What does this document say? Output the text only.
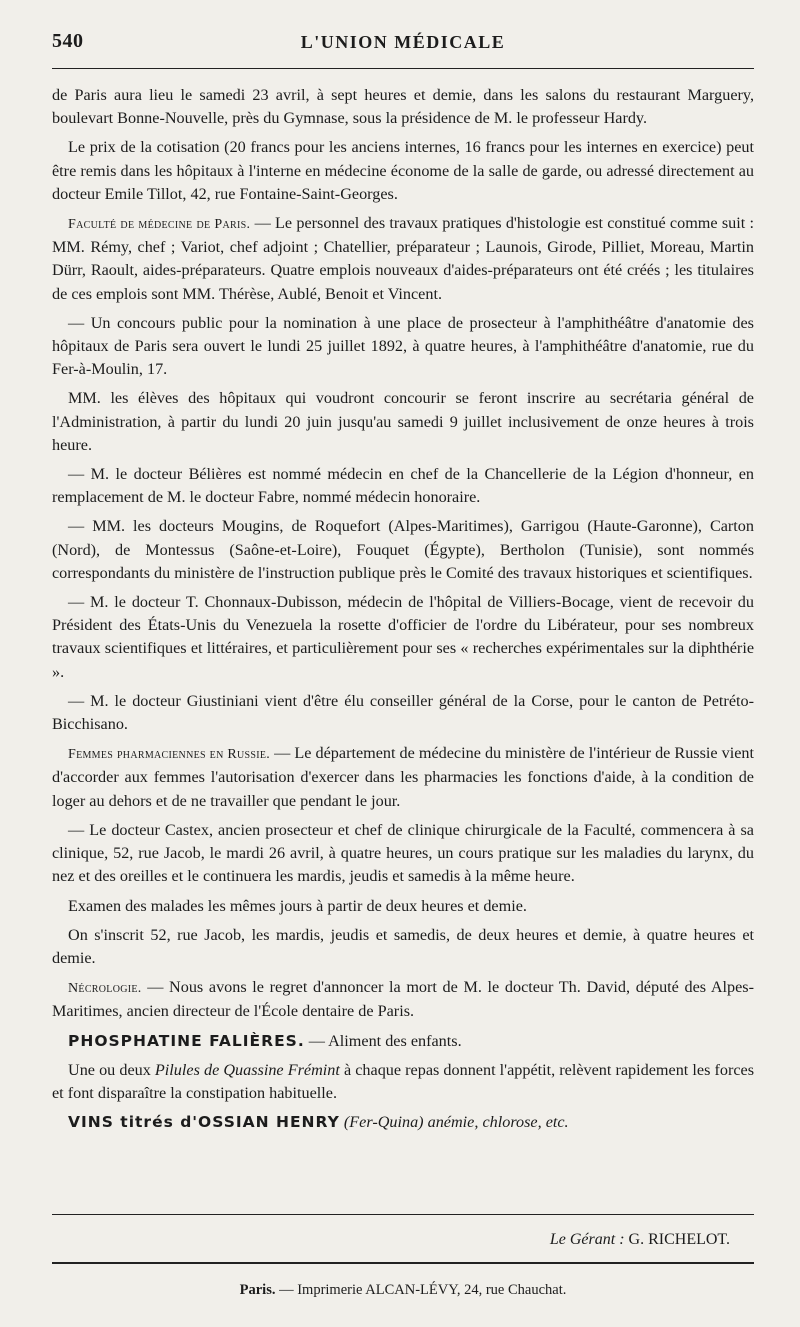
540	L'UNION MÉDICALE

de Paris aura lieu le samedi 23 avril, à sept heures et demie, dans les salons du restaurant Marguery, boulevart Bonne-Nouvelle, près du Gymnase, sous la présidence de M. le professeur Hardy.

Le prix de la cotisation (20 francs pour les anciens internes, 16 francs pour les internes en exercice) peut être remis dans les hôpitaux à l'interne en médecine économe de la salle de garde, ou adressé directement au docteur Emile Tillot, 42, rue Fontaine-Saint-Georges.

Faculté de médecine de Paris. — Le personnel des travaux pratiques d'histologie est constitué comme suit : MM. Rémy, chef ; Variot, chef adjoint ; Chatellier, préparateur ; Launois, Girode, Pilliet, Moreau, Martin Dürr, Raoult, aides-préparateurs. Quatre emplois nouveaux d'aides-préparateurs ont été créés ; les titulaires de ces emplois sont MM. Thérèse, Aublé, Benoit et Vincent.

— Un concours public pour la nomination à une place de prosecteur à l'amphithéâtre d'anatomie des hôpitaux de Paris sera ouvert le lundi 25 juillet 1892, à quatre heures, à l'amphithéâtre d'anatomie, rue du Fer-à-Moulin, 17.

MM. les élèves des hôpitaux qui voudront concourir se feront inscrire au secrétaria général de l'Administration, à partir du lundi 20 juin jusqu'au samedi 9 juillet inclusivement de onze heures à trois heure.

— M. le docteur Bélières est nommé médecin en chef de la Chancellerie de la Légion d'honneur, en remplacement de M. le docteur Fabre, nommé médecin honoraire.

— MM. les docteurs Mougins, de Roquefort (Alpes-Maritimes), Garrigou (Haute-Garonne), Carton (Nord), de Montessus (Saône-et-Loire), Fouquet (Égypte), Bertholon (Tunisie), sont nommés correspondants du ministère de l'instruction publique près le Comité des travaux historiques et scientifiques.

— M. le docteur T. Chonnaux-Dubisson, médecin de l'hôpital de Villiers-Bocage, vient de recevoir du Président des États-Unis du Venezuela la rosette d'officier de l'ordre du Libérateur, pour ses nombreux travaux scientifiques et littéraires, et particulièrement pour ses « recherches expérimentales sur la diphthérie ».

— M. le docteur Giustiniani vient d'être élu conseiller général de la Corse, pour le canton de Petréto-Bicchisano.

Femmes pharmaciennes en Russie. — Le département de médecine du ministère de l'intérieur de Russie vient d'accorder aux femmes l'autorisation d'exercer dans les pharmacies les fonctions d'aide, à la condition de loger au dehors et de ne travailler que pendant le jour.

— Le docteur Castex, ancien prosecteur et chef de clinique chirurgicale de la Faculté, commencera à sa clinique, 52, rue Jacob, le mardi 26 avril, à quatre heures, un cours pratique sur les maladies du larynx, du nez et des oreilles et le continuera les mardis, jeudis et samedis à la même heure.

Examen des malades les mêmes jours à partir de deux heures et demie.

On s'inscrit 52, rue Jacob, les mardis, jeudis et samedis, de deux heures et demie, à quatre heures et demie.

Nécrologie. — Nous avons le regret d'annoncer la mort de M. le docteur Th. David, député des Alpes-Maritimes, ancien directeur de l'École dentaire de Paris.

PHOSPHATINE FALIÈRES. — Aliment des enfants.

Une ou deux Pilules de Quassine Frémint à chaque repas donnent l'appétit, relèvent rapidement les forces et font disparaître la constipation habituelle.

VINS titrés d'OSSIAN HENRY (Fer-Quina) anémie, chlorose, etc.

Le Gérant : G. RICHELOT.
Paris. — Imprimerie ALCAN-LÉVY, 24, rue Chauchat.
